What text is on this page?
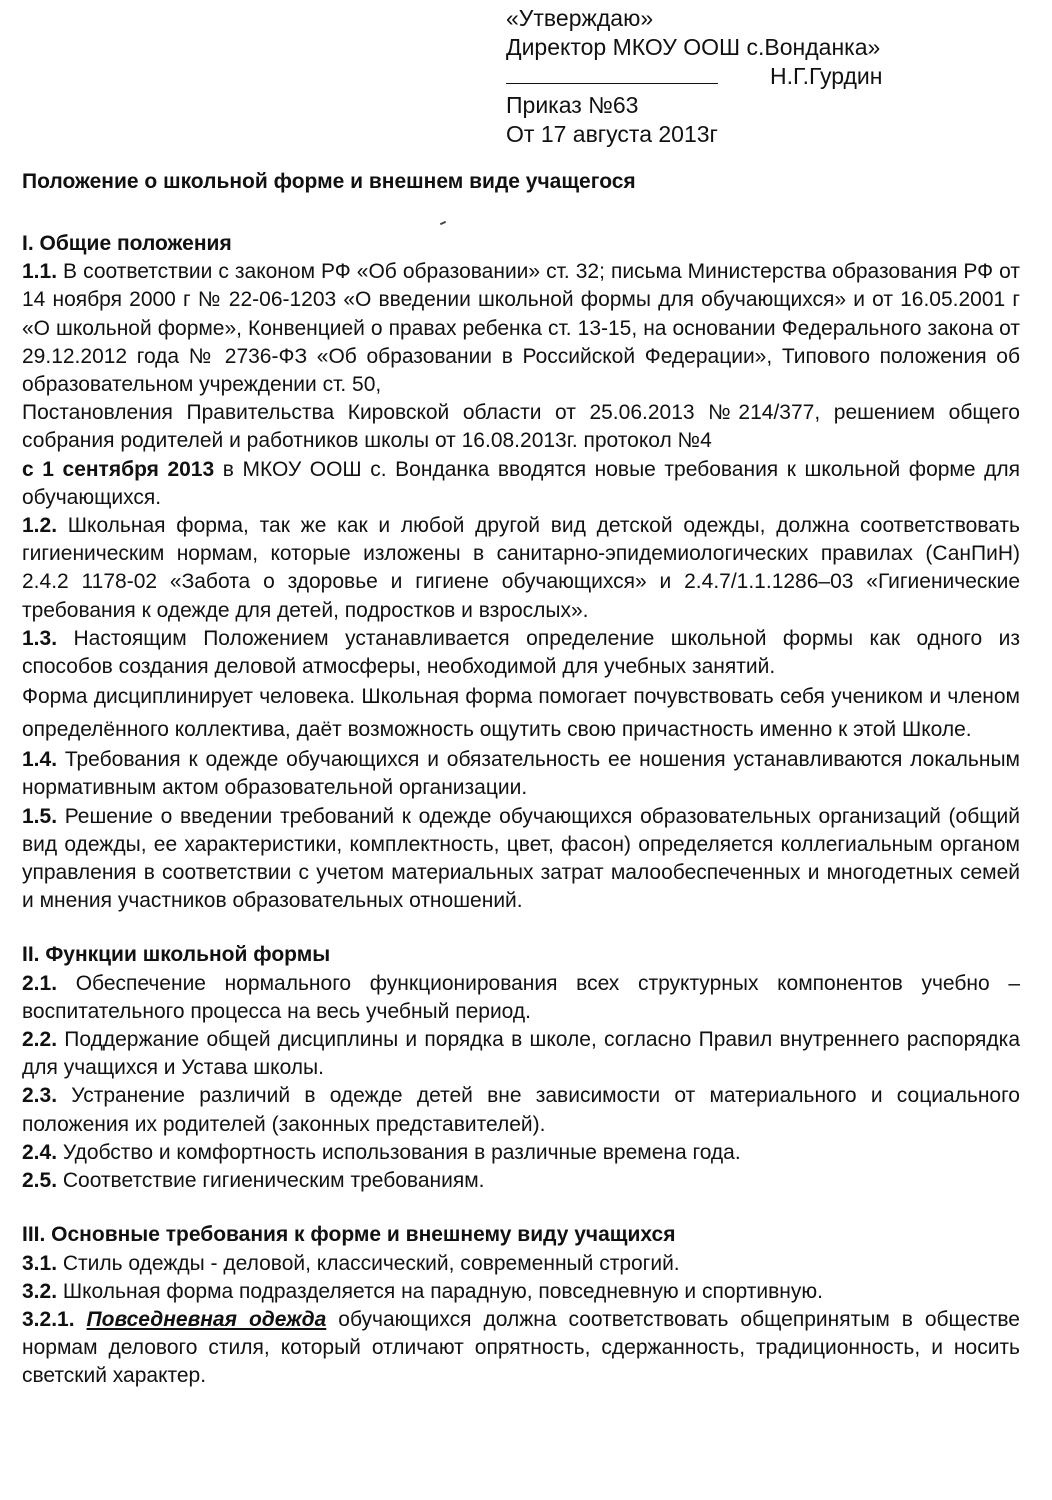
«Утверждаю»
Директор МКОУ ООШ с.Вонданка»
Н.Г.Гурдин
Приказ №63
От 17 августа 2013г
Положение о школьной форме и внешнем виде учащегося
I. Общие положения

1.1. В соответствии с законом РФ «Об образовании» ст. 32; письма Министерства образования РФ от 14 ноября 2000 г № 22-06-1203 «О введении школьной формы для обучающихся» и от 16.05.2001 г «О школьной форме», Конвенцией о правах ребенка ст. 13-15, на основании Федерального закона от 29.12.2012 года № 2736-ФЗ «Об образовании в Российской Федерации», Типового положения об образовательном учреждении ст. 50,

Постановления Правительства Кировской области от 25.06.2013 №214/377, решением общего собрания родителей и работников школы от 16.08.2013г. протокол №4

с 1 сентября 2013 в МКОУ ООШ с. Вонданка вводятся новые требования к школьной форме для обучающихся.

1.2. Школьная форма, так же как и любой другой вид детской одежды, должна соответствовать гигиеническим нормам, которые изложены в санитарно-эпидемиологических правилах (СанПиН) 2.4.2 1178-02 «Забота о здоровье и гигиене обучающихся» и 2.4.7/1.1.1286–03 «Гигиенические требования к одежде для детей, подростков и взрослых».

1.3. Настоящим Положением устанавливается определение школьной формы как одного из способов создания деловой атмосферы, необходимой для учебных занятий.

Форма дисциплинирует человека. Школьная форма помогает почувствовать себя учеником и членом определённого коллектива, даёт возможность ощутить свою причастность именно к этой Школе.

1.4. Требования к одежде обучающихся и обязательность ее ношения устанавливаются локальным нормативным актом образовательной организации.

1.5. Решение о введении требований к одежде обучающихся образовательных организаций (общий вид одежды, ее характеристики, комплектность, цвет, фасон) определяется коллегиальным органом управления в соответствии с учетом материальных затрат малообеспеченных и многодетных семей и мнения участников образовательных отношений.

II. Функции школьной формы

2.1. Обеспечение нормального функционирования всех структурных компонентов учебно – воспитательного процесса на весь учебный период.

2.2. Поддержание общей дисциплины и порядка в школе, согласно Правил внутреннего распорядка для учащихся и Устава школы.

2.3. Устранение различий в одежде детей вне зависимости от материального и социального положения их родителей (законных представителей).

2.4. Удобство и комфортность использования в различные времена года.

2.5. Соответствие гигиеническим требованиям.

III. Основные требования к форме и внешнему виду учащихся

3.1. Стиль одежды - деловой, классический, современный строгий.

3.2. Школьная форма подразделяется на парадную, повседневную и спортивную.

3.2.1. Повседневная одежда обучающихся должна соответствовать общепринятым в обществе нормам делового стиля, который отличают опрятность, сдержанность, традиционность, и носить светский характер.
